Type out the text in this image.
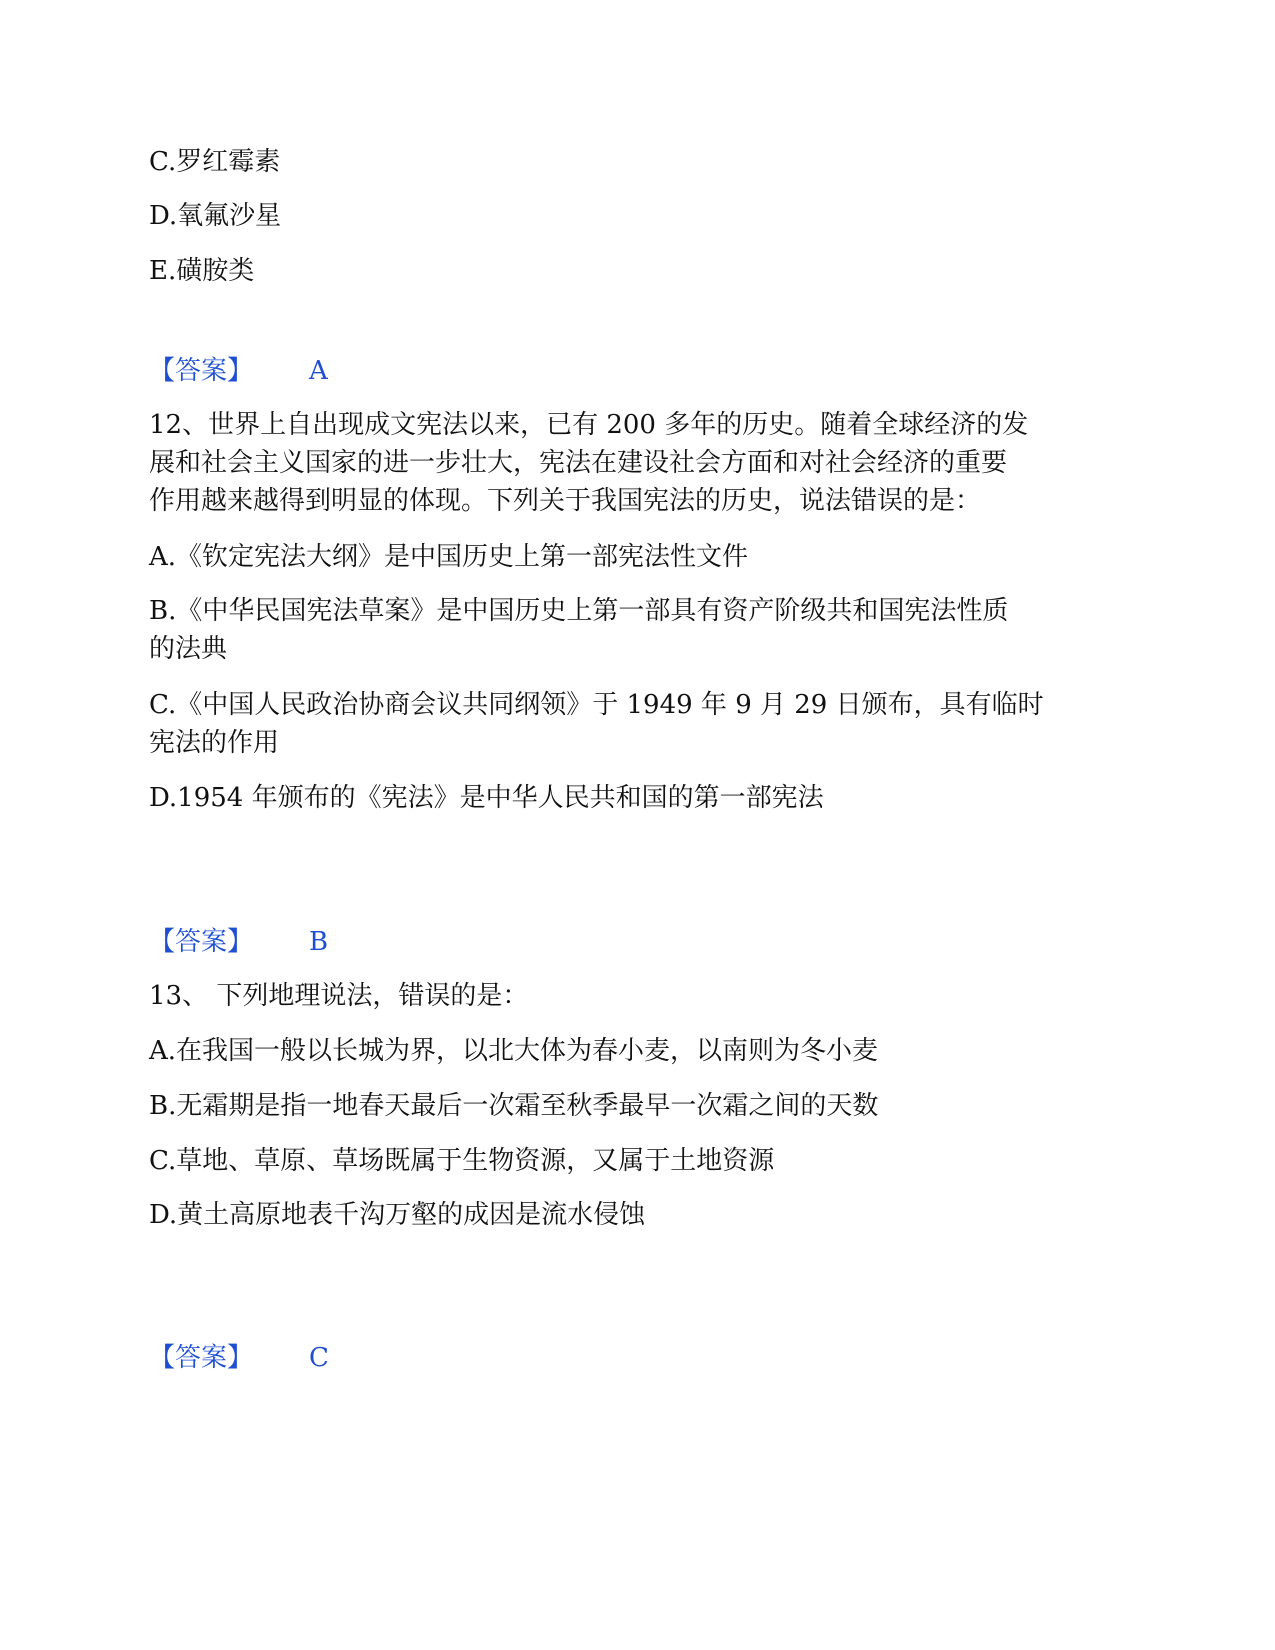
C.罗红霉素
D.氧氟沙星
E.磺胺类
【答案】 A
12、世界上自出现成文宪法以来，已有 200 多年的历史。随着全球经济的发
展和社会主义国家的进一步壮大，宪法在建设社会方面和对社会经济的重要
作用越来越得到明显的体现。下列关于我国宪法的历史，说法错误的是：
A.《钦定宪法大纲》是中国历史上第一部宪法性文件
B.《中华民国宪法草案》是中国历史上第一部具有资产阶级共和国宪法性质
的法典
C.《中国人民政治协商会议共同纲领》于 1949 年 9 月 29 日颁布，具有临时
宪法的作用
D.1954 年颁布的《宪法》是中华人民共和国的第一部宪法
【答案】 B
13、 下列地理说法，错误的是：
A.在我国一般以长城为界，以北大体为春小麦，以南则为冬小麦
B.无霜期是指一地春天最后一次霜至秋季最早一次霜之间的天数
C.草地、草原、草场既属于生物资源，又属于土地资源
D.黄土高原地表千沟万壑的成因是流水侵蚀
【答案】 C
